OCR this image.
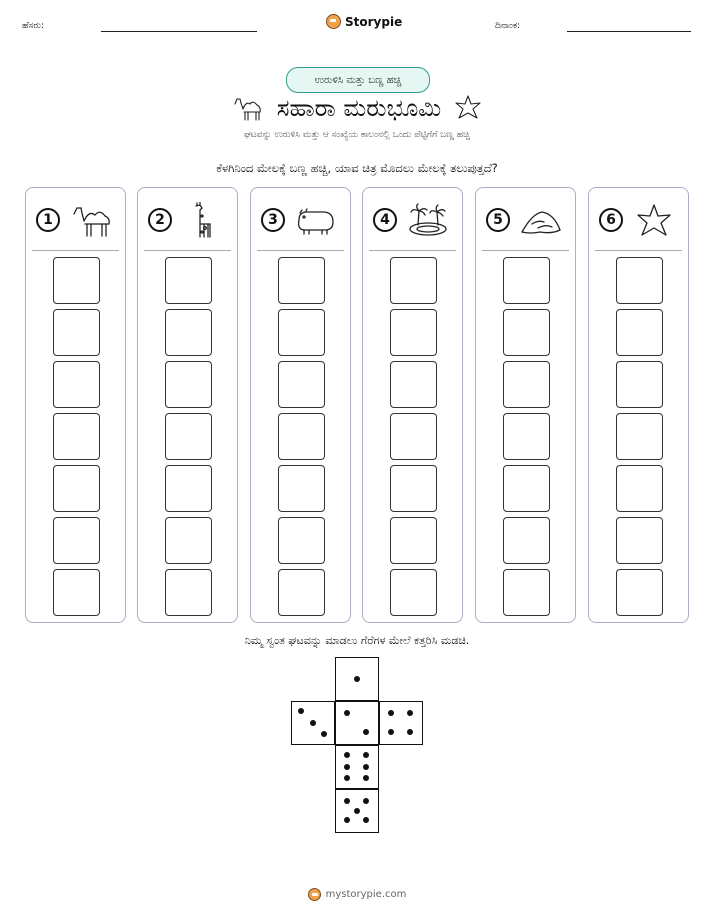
ಹೆಸರು:	Storypie	ದಿನಾಂಕ:
ಉರುಳಿಸಿ ಮತ್ತು ಬಣ್ಣ ಹಚ್ಚಿ
ಸಹಾರಾ ಮರುಭೂಮಿ
ಘಟವನ್ನು ಉರುಳಿಸಿ ಮತ್ತು ಆ ಸಂಖ್ಯೆಯ ಕಾಲಂನಲ್ಲಿ ಒಂದು ಪೆಟ್ಟಿಗೆಗೆ ಬಣ್ಣ ಹಚ್ಚಿ
ಕೆಳಗಿನಿಂದ ಮೇಲಕ್ಕೆ ಬಣ್ಣ ಹಚ್ಚಿ, ಯಾವ ಚಿತ್ರ ಮೊದಲು ಮೇಲಕ್ಕೆ ತಲುಪುತ್ತದೆ?
1	2	3	4	5	6
ನಿಮ್ಮ ಸ್ವಂತ ಘಟವನ್ನು ಮಾಡಲು ಗೆರೆಗಳ ಮೇಲೆ ಕತ್ತರಿಸಿ ಮಡಚಿ.
mystorypie.com
